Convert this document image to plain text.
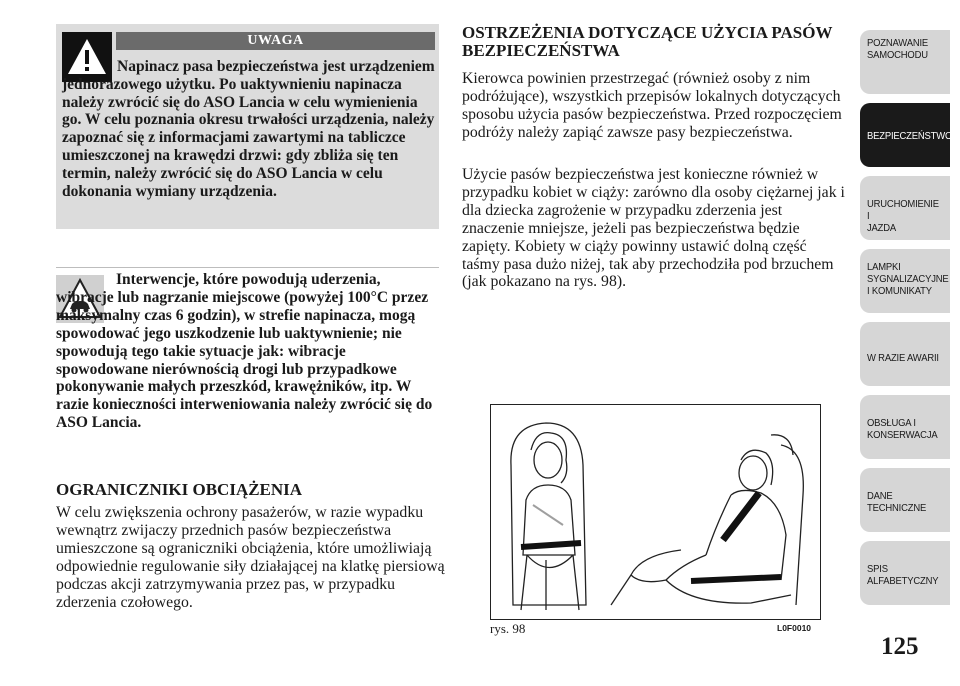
UWAGA

Napinacz pasa bezpieczeństwa jest urządzeniem jednorazowego użytku. Po uaktywnieniu napinacza należy zwrócić się do ASO Lancia w celu wymienienia go. W celu poznania okresu trwałości urządzenia, należy zapoznać się z informacjami zawartymi na tabliczce umieszczonej na krawędzi drzwi: gdy zbliża się ten termin, należy zwrócić się do ASO Lancia w celu dokonania wymiany urządzenia.

Interwencje, które powodują uderzenia, wibracje lub nagrzanie miejscowe (powyżej 100°C przez maksymalny czas 6 godzin), w strefie napinacza, mogą spowodować jego uszkodzenie lub uaktywnienie; nie spowodują tego takie sytuacje jak: wibracje spowodowane nierównością drogi lub przypadkowe pokonywanie małych przeszkód, krawężników, itp. W razie konieczności interweniowania należy zwrócić się do ASO Lancia.

OGRANICZNIKI OBCIĄŻENIA

W celu zwiększenia ochrony pasażerów, w razie wypadku wewnątrz zwijaczy przednich pasów bezpieczeństwa umieszczone są ograniczniki obciążenia, które umożliwiają odpowiednie regulowanie siły działającej na klatkę piersiową podczas akcji zatrzymywania przez pas, w przypadku zderzenia czołowego.

OSTRZEŻENIA DOTYCZĄCE UŻYCIA PASÓW BEZPIECZEŃSTWA

Kierowca powinien przestrzegać (również osoby z nim podróżujące), wszystkich przepisów lokalnych dotyczących sposobu użycia pasów bezpieczeństwa. Przed rozpoczęciem podróży należy zapiąć zawsze pasy bezpieczeństwa.

Użycie pasów bezpieczeństwa jest konieczne również w przypadku kobiet w ciąży: zarówno dla osoby ciężarnej jak i dla dziecka zagrożenie w przypadku zderzenia jest znaczenie mniejsze, jeżeli pas bezpieczeństwa będzie zapięty. Kobiety w ciąży powinny ustawić dolną część taśmy pasa dużo niżej, tak aby przechodziła pod brzuchem (jak pokazano na rys. 98).

rys. 98	L0F0010
POZNAWANIE
SAMOCHODU
BEZPIECZEŃSTWO
URUCHOMIENIE I
JAZDA
LAMPKI
SYGNALIZACYJNE
I KOMUNIKATY
W RAZIE AWARII
OBSŁUGA I
KONSERWACJA
DANE
TECHNICZNE
SPIS
ALFABETYCZNY
125
